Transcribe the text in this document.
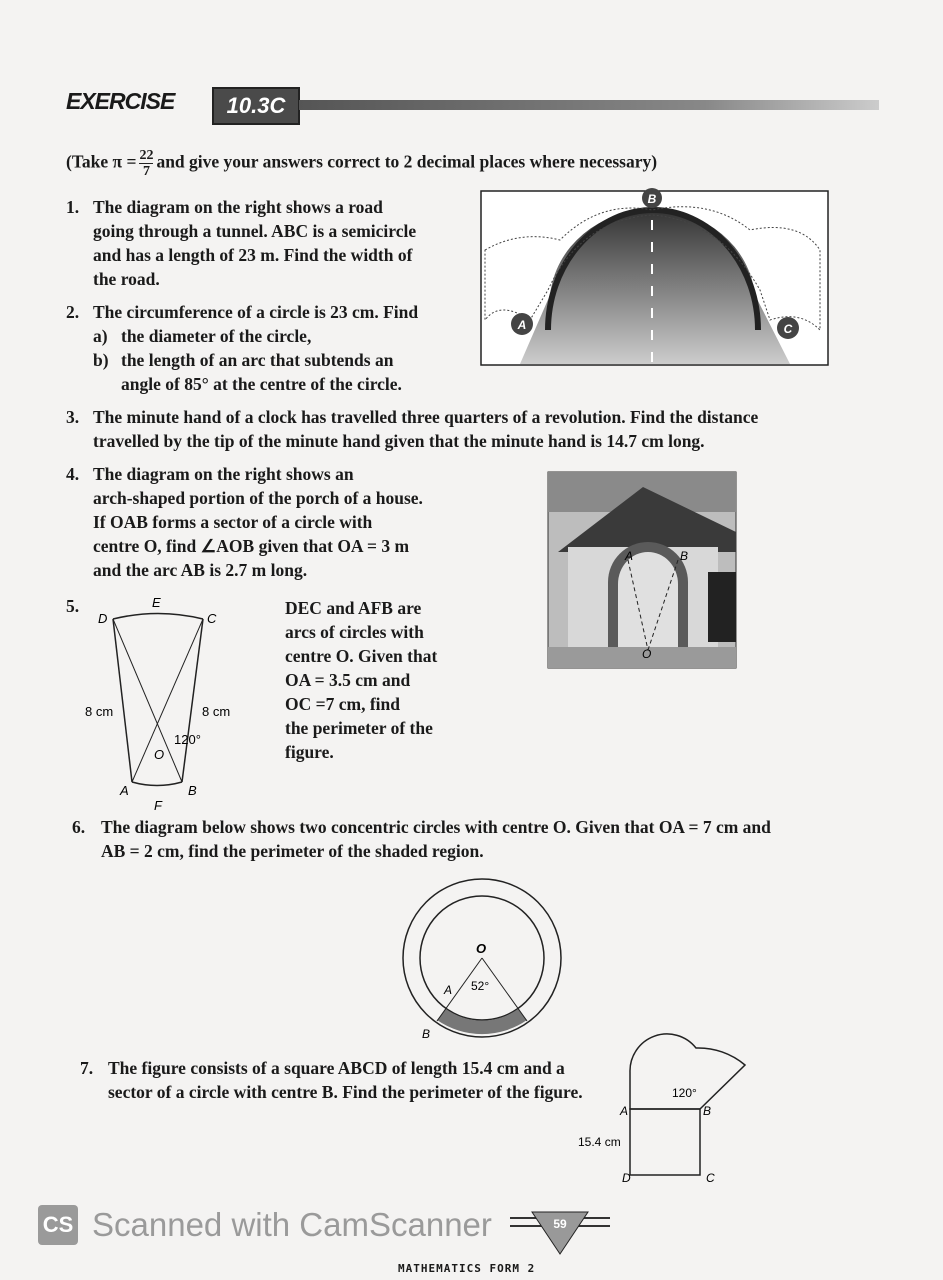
EXERCISE	10.3C
(Take $\pi = \frac{22}{7}$ and give your answers correct to 2 decimal places where necessary)
1. The diagram on the right shows a road
going through a tunnel. ABC is a semicircle
and has a length of 23 m. Find the width of
the road.
B
A	C
2. The circumference of a circle is 23 cm. Find
a) the diameter of the circle,
b) the length of an arc that subtends an
angle of 85° at the centre of the circle.
3. The minute hand of a clock has travelled three quarters of a revolution. Find the distance
travelled by the tip of the minute hand given that the minute hand is 14.7 cm long.
4. The diagram on the right shows an
arch-shaped portion of the porch of a house.
If OAB forms a sector of a circle with
centre O, find ∠AOB given that OA = 3 m
and the arc AB is 2.7 m long.
A	B
O
5.	E
D	C
8 cm	8 cm
120°
O
A	B
F
DEC and AFB are
arcs of circles with
centre O. Given that
OA = 3.5 cm and
OC =7 cm, find
the perimeter of the
figure.
6. The diagram below shows two concentric circles with centre O. Given that OA = 7 cm and
AB = 2 cm, find the perimeter of the shaded region.
O
52°
A
B
7. The figure consists of a square ABCD of length 15.4 cm and a
sector of a circle with centre B. Find the perimeter of the figure.	120°
A	B
D	C
15.4 cm
CS Scanned with CamScanner	59
MATHEMATICS FORM 2
